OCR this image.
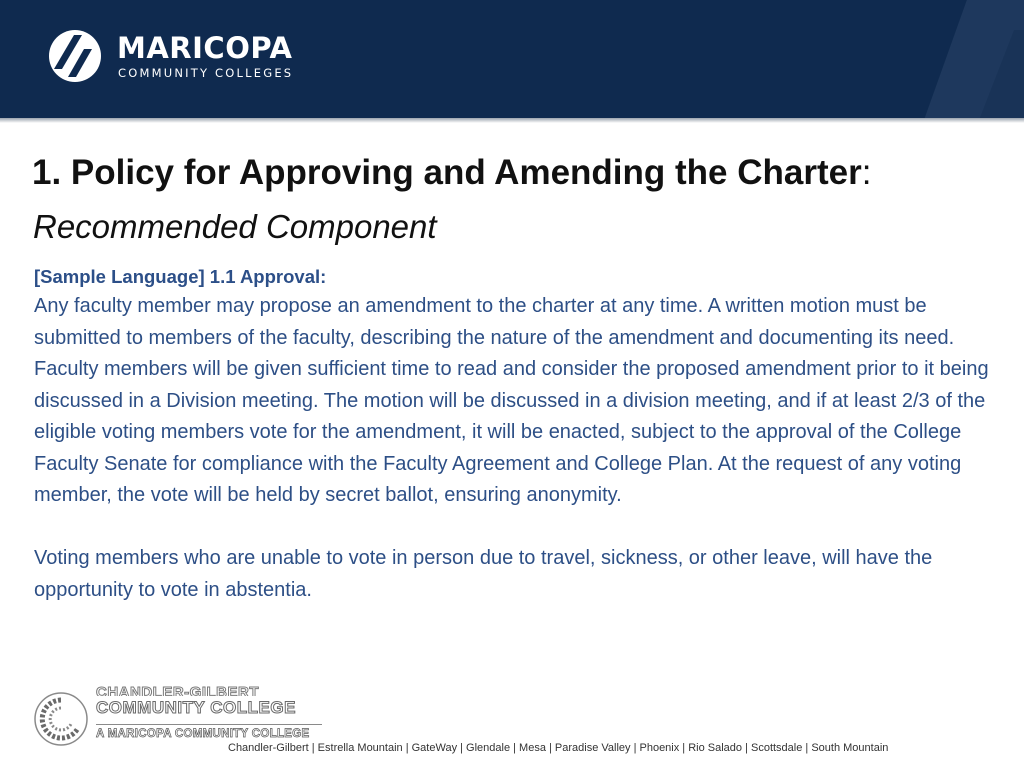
MARICOPA
COMMUNITY COLLEGES
1. Policy for Approving and Amending the Charter:
Recommended Component
[Sample Language] 1.1 Approval:

Any faculty member may propose an amendment to the charter at any time. A written motion must be submitted to members of the faculty, describing the nature of the amendment and documenting its need. Faculty members will be given sufficient time to read and consider the proposed amendment prior to it being discussed in a Division meeting. The motion will be discussed in a division meeting, and if at least 2/3 of the eligible voting members vote for the amendment, it will be enacted, subject to the approval of the College Faculty Senate for compliance with the Faculty Agreement and College Plan. At the request of any voting member, the vote will be held by secret ballot, ensuring anonymity.

Voting members who are unable to vote in person due to travel, sickness, or other leave, will have the opportunity to vote in abstentia.

CHANDLER-GILBERT
COMMUNITY COLLEGE
A MARICOPA COMMUNITY COLLEGE
Chandler-Gilbert | Estrella Mountain | GateWay | Glendale | Mesa | Paradise Valley | Phoenix | Rio Salado | Scottsdale | South Mountain
